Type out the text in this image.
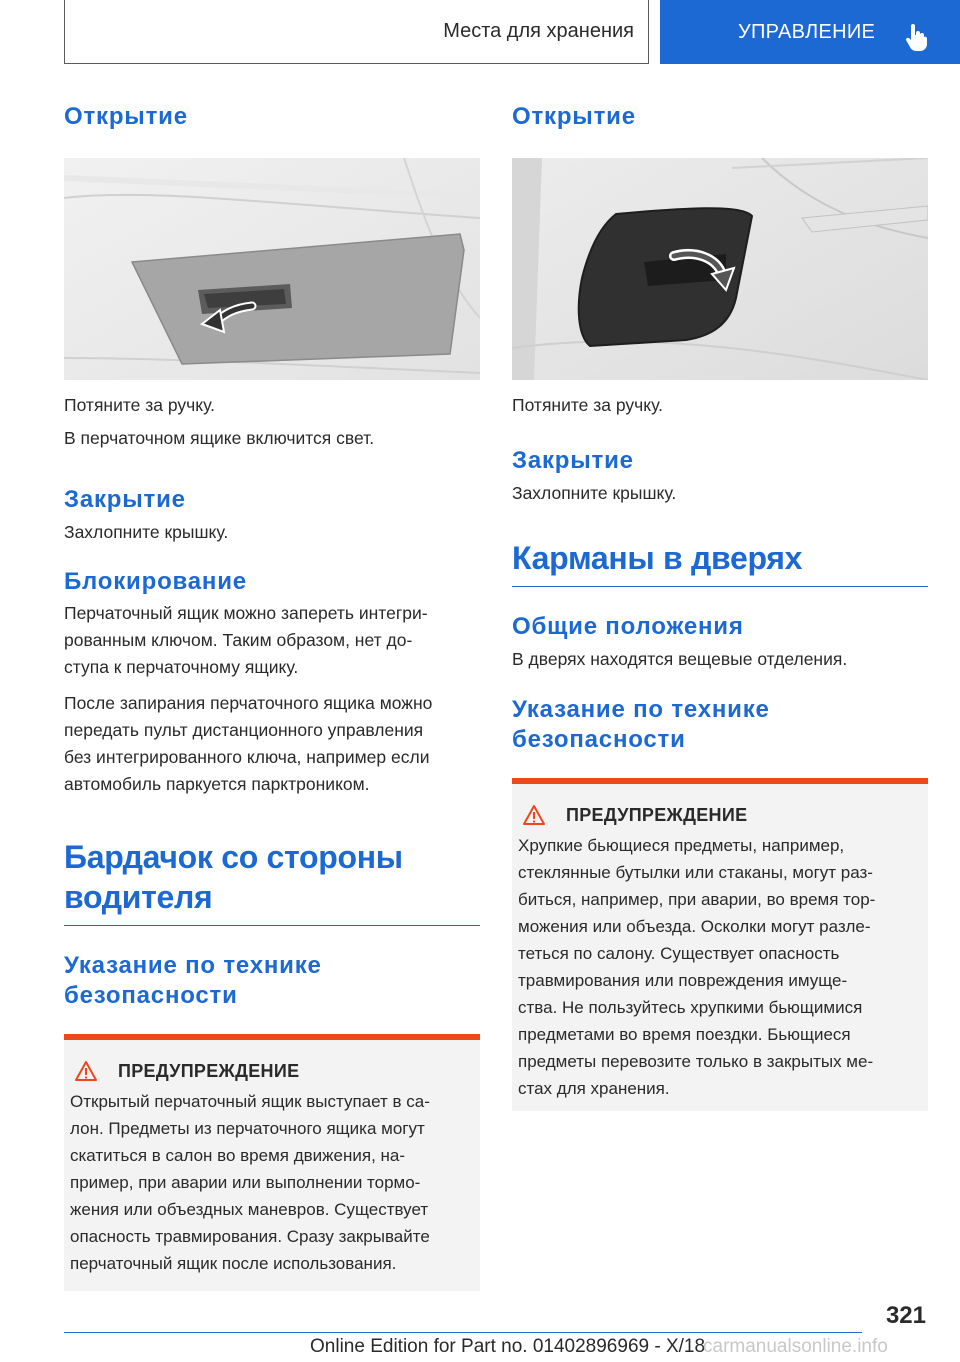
Места для хранения	УПРАВЛЕНИЕ
Открытие

Потяните за ручку.

В перчаточном ящике включится свет.

Закрытие

Захлопните крышку.

Блокирование

Перчаточный ящик можно запереть интегри-
рованным ключом. Таким образом, нет до-
ступа к перчаточному ящику.

После запирания перчаточного ящика можно
передать пульт дистанционного управления
без интегрированного ключа, например если
автомобиль паркуется парктроником.

Бардачок со стороны
водителя
Указание по технике
безопасности
ПРЕДУПРЕЖДЕНИЕ

Открытый перчаточный ящик выступает в са-
лон. Предметы из перчаточного ящика могут
скатиться в салон во время движения, на-
пример, при аварии или выполнении тормо-
жения или объездных маневров. Существует
опасность травмирования. Сразу закрывайте
перчаточный ящик после использования.

Открытие

Потяните за ручку.

Закрытие

Захлопните крышку.

Карманы в дверях
Общие положения

В дверях находятся вещевые отделения.

Указание по технике
безопасности
ПРЕДУПРЕЖДЕНИЕ

Хрупкие бьющиеся предметы, например,
стеклянные бутылки или стаканы, могут раз-
биться, например, при аварии, во время тор-
можения или объезда. Осколки могут разле-
теться по салону. Существует опасность
травмирования или повреждения имуще-
ства. Не пользуйтесь хрупкими бьющимися
предметами во время поездки. Бьющиеся
предметы перевозите только в закрытых ме-
стах для хранения.

321
Online Edition for Part no. 01402896969 - X/18
carmanualsonline.info
